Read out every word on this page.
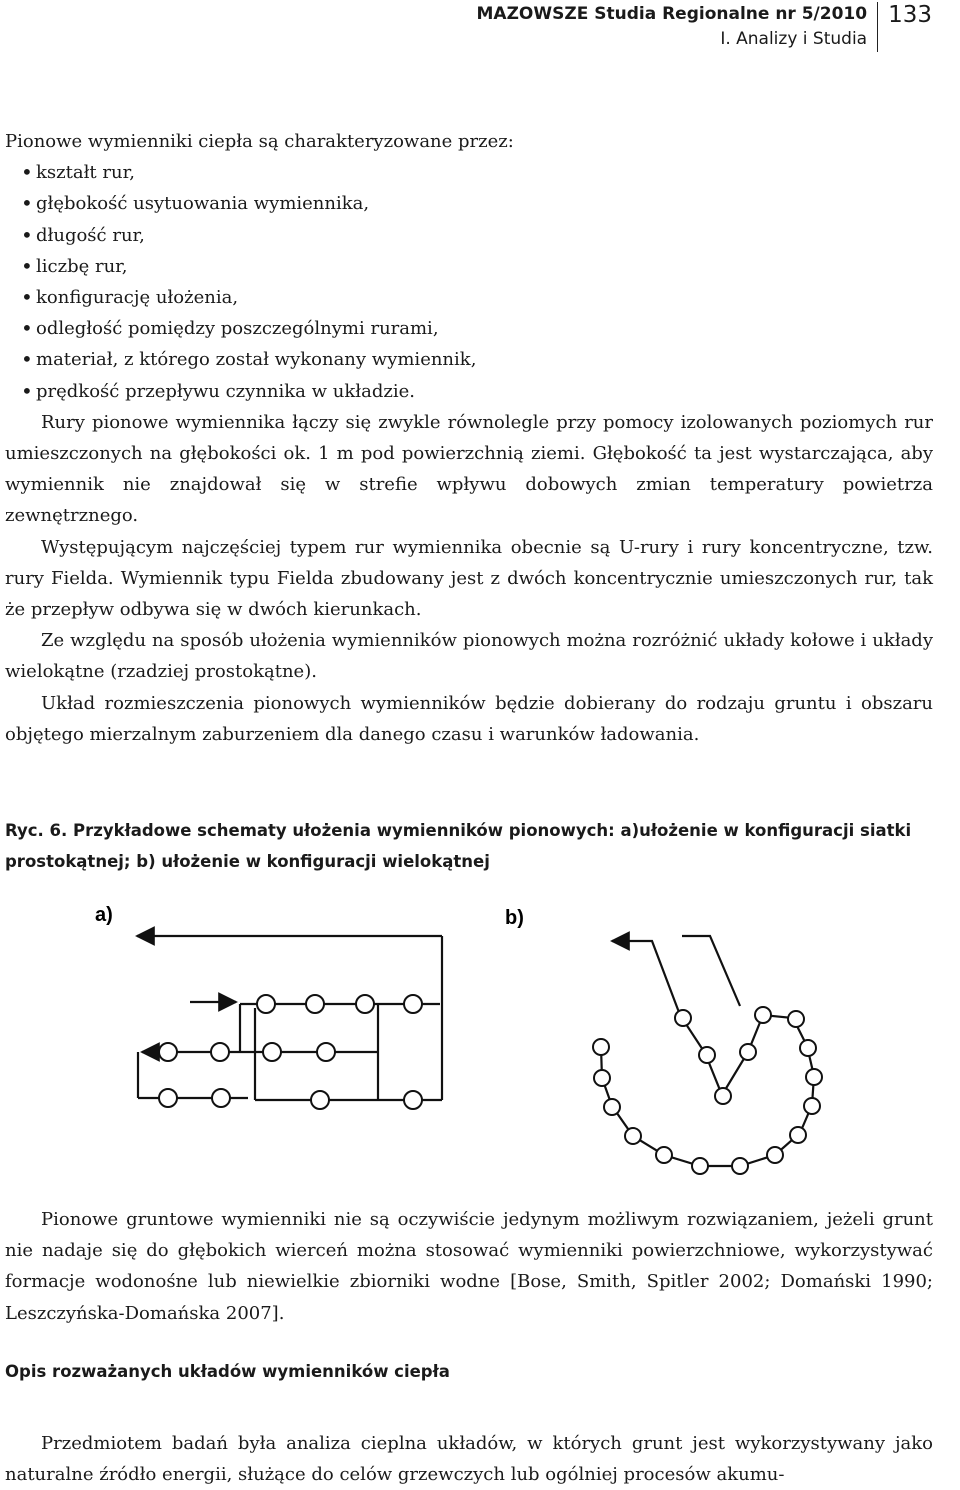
MAZOWSZE Studia Regionalne nr 5/2010
I. Analizy i Studia
133

Pionowe wymienniki ciepła są charakteryzowane przez:

• kształt rur,
• głębokość usytuowania wymiennika,
• długość rur,
• liczbę rur,
• konfigurację ułożenia,
• odległość pomiędzy poszczególnymi rurami,
• materiał, z którego został wykonany wymiennik,
• prędkość przepływu czynnika w układzie.

Rury pionowe wymiennika łączy się zwykle równolegle przy pomocy izolowanych poziomych rur umieszczonych na głębokości ok. 1 m pod powierzchnią ziemi. Głębokość ta jest wystarczająca, aby wymiennik nie znajdował się w strefie wpływu dobowych zmian temperatury powietrza zewnętrznego.

Występującym najczęściej typem rur wymiennika obecnie są U-rury i rury koncentryczne, tzw. rury Fielda. Wymiennik typu Fielda zbudowany jest z dwóch koncentrycznie umieszczonych rur, tak że przepływ odbywa się w dwóch kierunkach.

Ze względu na sposób ułożenia wymienników pionowych można rozróżnić układy kołowe i układy wielokątne (rzadziej prostokątne).

Układ rozmieszczenia pionowych wymienników będzie dobierany do rodzaju gruntu i obszaru objętego mierzalnym zaburzeniem dla danego czasu i warunków ładowania.

Ryc. 6. Przykładowe schematy ułożenia wymienników pionowych: a)ułożenie w konfiguracji siatki prostokątnej; b) ułożenie w konfiguracji wielokątnej
a)	b)

Pionowe gruntowe wymienniki nie są oczywiście jedynym możliwym rozwiązaniem, jeżeli grunt nie nadaje się do głębokich wierceń można stosować wymienniki powierzchniowe, wykorzystywać formacje wodonośne lub niewielkie zbiorniki wodne [Bose, Smith, Spitler 2002; Domański 1990; Leszczyńska-Domańska 2007].

Opis rozważanych układów wymienników ciepła

Przedmiotem badań była analiza cieplna układów, w których grunt jest wykorzystywany jako naturalne źródło energii, służące do celów grzewczych lub ogólniej procesów akumu-
